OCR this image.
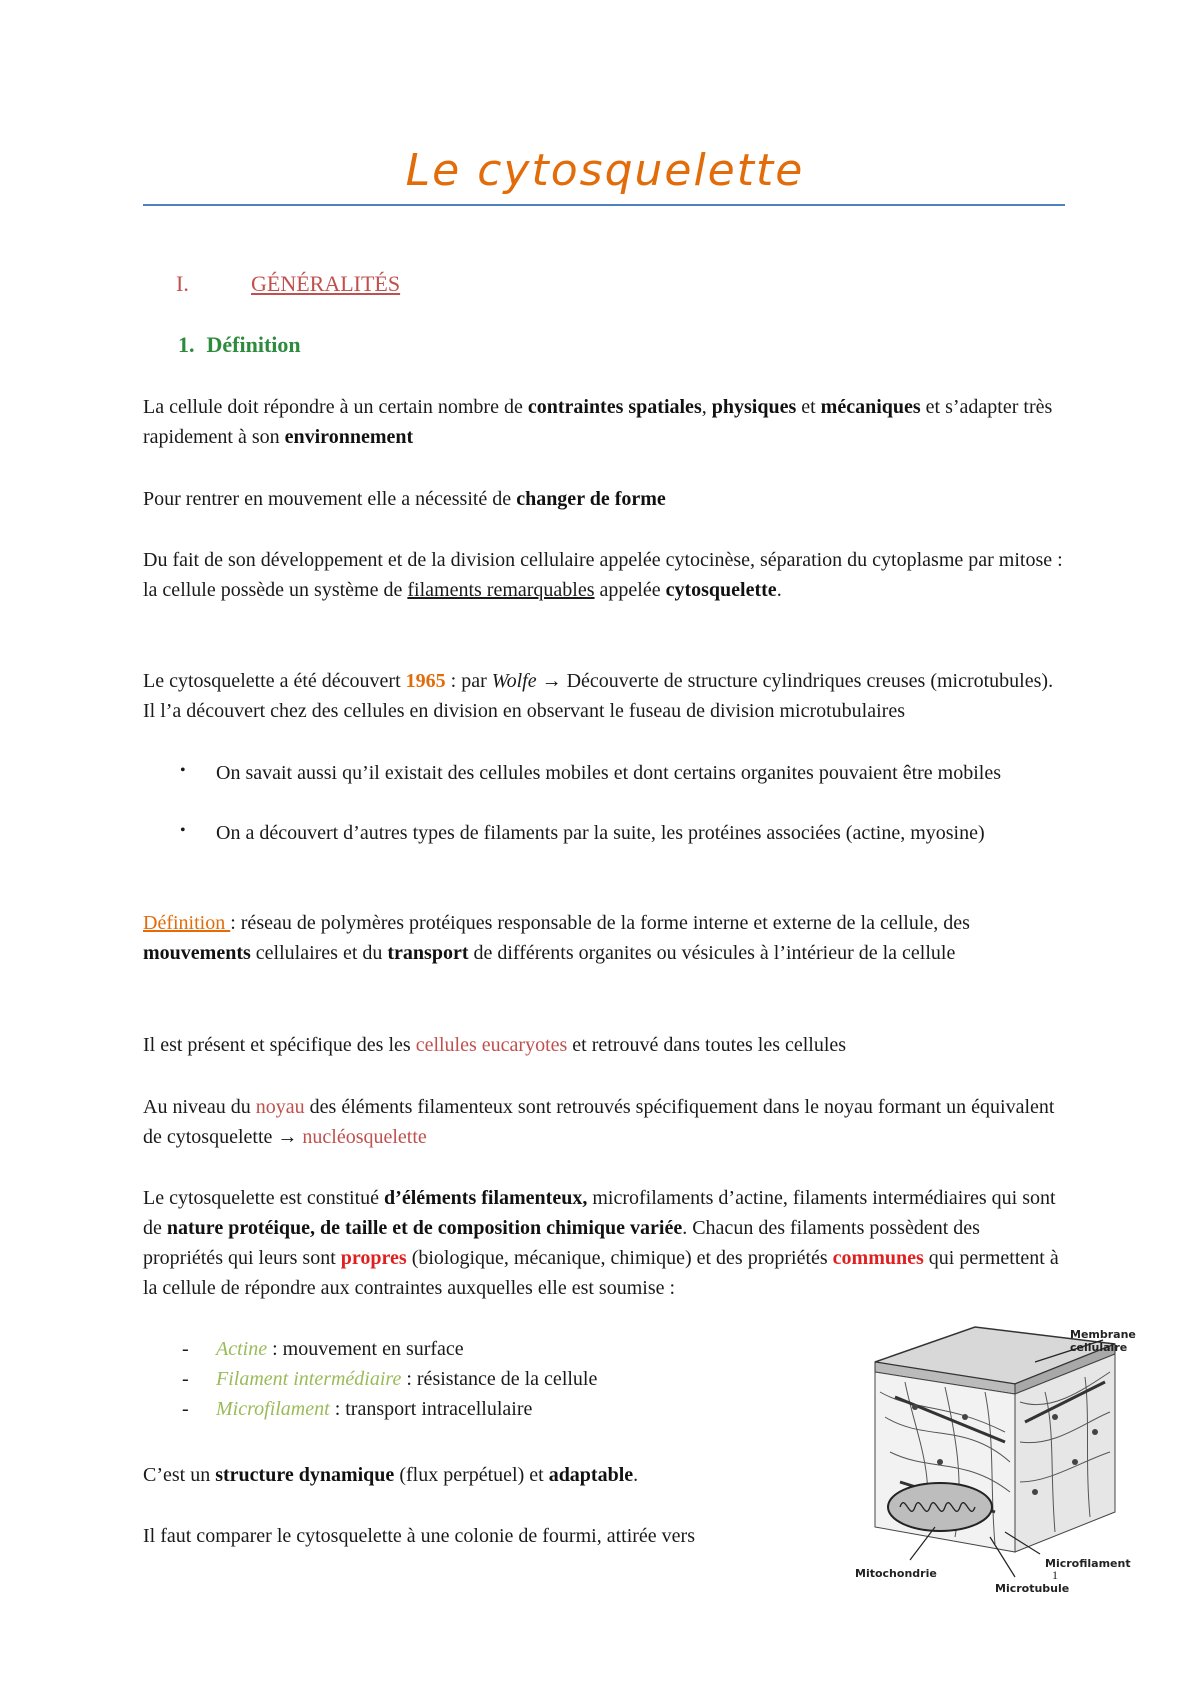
Le cytosquelette
I.	GÉNÉRALITÉS
1. Définition
La cellule doit répondre à un certain nombre de contraintes spatiales, physiques et mécaniques et s’adapter très rapidement à son environnement
Pour rentrer en mouvement elle a nécessité de changer de forme
Du fait de son développement et de la division cellulaire appelée cytocinèse, séparation du cytoplasme par mitose : la cellule possède un système de filaments remarquables appelée cytosquelette.
Le cytosquelette a été découvert 1965 : par Wolfe → Découverte de structure cylindriques creuses (microtubules). Il l’a découvert chez des cellules en division en observant le fuseau de division microtubulaires
• On savait aussi qu’il existait des cellules mobiles et dont certains organites pouvaient être mobiles
• On a découvert d’autres types de filaments par la suite, les protéines associées (actine, myosine)
Définition : réseau de polymères protéiques responsable de la forme interne et externe de la cellule, des mouvements cellulaires et du transport de différents organites ou vésicules à l’intérieur de la cellule
Il est présent et spécifique des les cellules eucaryotes et retrouvé dans toutes les cellules
Au niveau du noyau des éléments filamenteux sont retrouvés spécifiquement dans le noyau formant un équivalent de cytosquelette → nucléosquelette
Le cytosquelette est constitué d’éléments filamenteux, microfilaments d’actine, filaments intermédiaires qui sont de nature protéique, de taille et de composition chimique variée. Chacun des filaments possèdent des propriétés qui leurs sont propres (biologique, mécanique, chimique) et des propriétés communes qui permettent à la cellule de répondre aux contraintes auxquelles elle est soumise :
- Actine : mouvement en surface
- Filament intermédiaire : résistance de la cellule
- Microfilament : transport intracellulaire
C’est un structure dynamique (flux perpétuel) et adaptable.
Il faut comparer le cytosquelette à une colonie de fourmi, attirée vers
Membrane
cellulaire
Mitochondrie
Microfilament
Microtubule
1
